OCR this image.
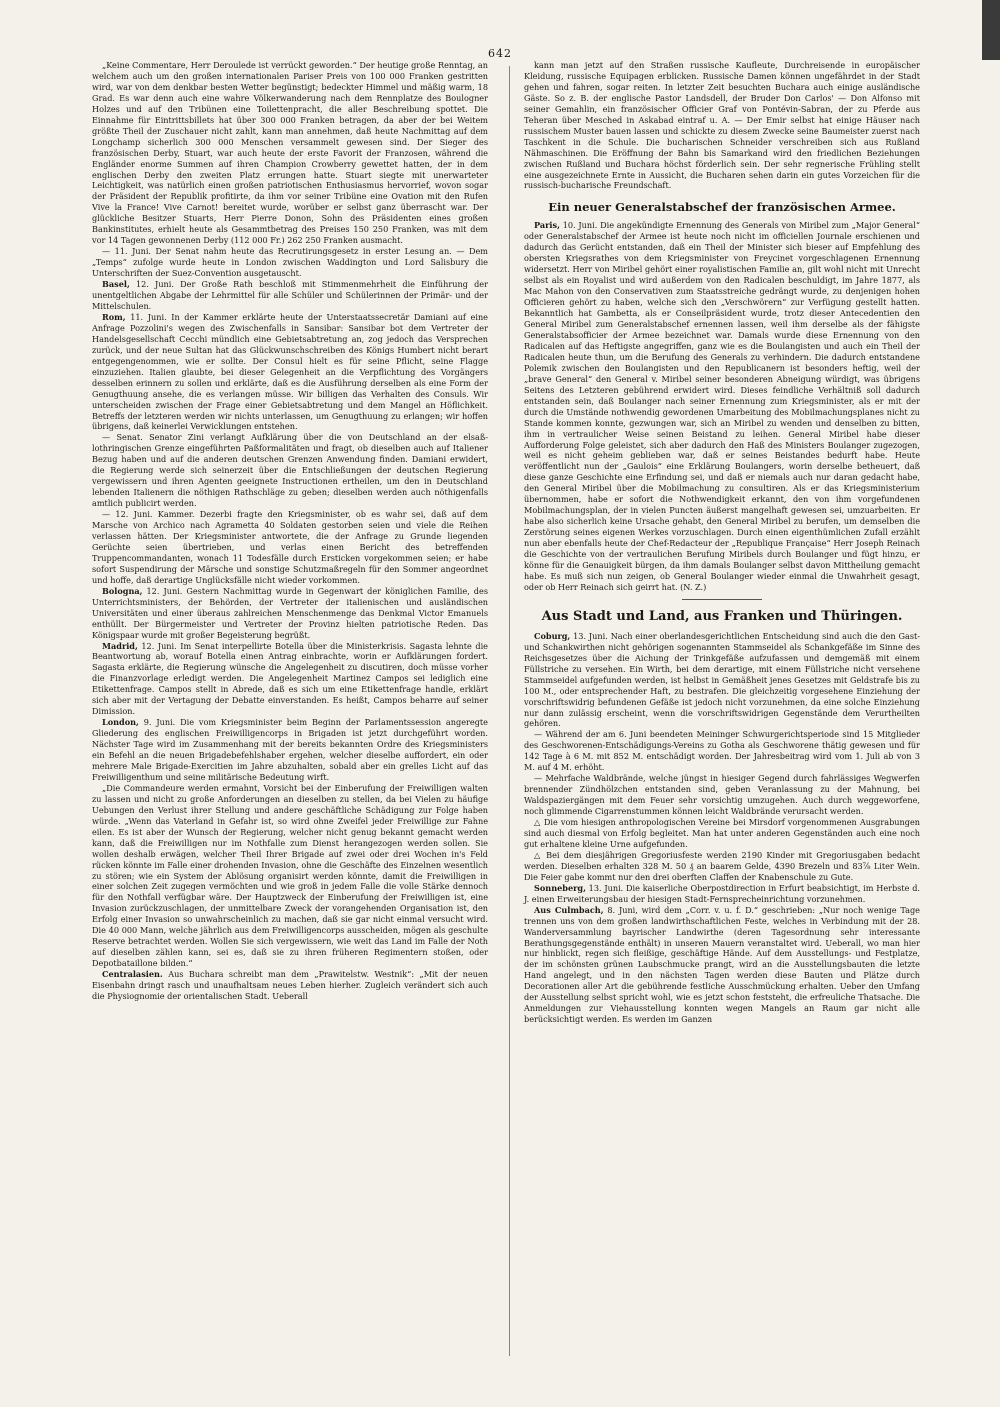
642

„Keine Commentare, Herr Deroulede ist verrückt geworden.“ Der heutige große Renntag, an welchem auch um den großen internationalen Pariser Preis von 100 000 Franken gestritten wird, war von dem denkbar besten Wetter begünstigt; bedeckter Himmel und mäßig warm, 18 Grad. Es war denn auch eine wahre Völkerwanderung nach dem Rennplatze des Boulogner Holzes und auf den Tribünen eine Toilettenpracht, die aller Beschreibung spottet. Die Einnahme für Eintrittsbillets hat über 300 000 Franken betragen, da aber der bei Weitem größte Theil der Zuschauer nicht zahlt, kann man annehmen, daß heute Nachmittag auf dem Longchamp sicherlich 300 000 Menschen versammelt gewesen sind. Der Sieger des französischen Derby, Stuart, war auch heute der erste Favorit der Franzosen, während die Engländer enorme Summen auf ihren Champion Crowberry gewettet hatten, der in dem englischen Derby den zweiten Platz errungen hatte. Stuart siegte mit unerwarteter Leichtigkeit, was natürlich einen großen patriotischen Enthusiasmus hervorrief, wovon sogar der Präsident der Republik profitirte, da ihm vor seiner Tribüne eine Ovation mit den Rufen Vive la France! Vive Carnot! bereitet wurde, worüber er selbst ganz überrascht war. Der glückliche Besitzer Stuarts, Herr Pierre Donon, Sohn des Präsidenten eines großen Bankinstitutes, erhielt heute als Gesammtbetrag des Preises 150 250 Franken, was mit dem vor 14 Tagen gewonnenen Derby (112 000 Fr.) 262 250 Franken ausmacht.

— 11. Juni. Der Senat nahm heute das Recrutirungsgesetz in erster Lesung an. — Dem „Temps“ zufolge wurde heute in London zwischen Waddington und Lord Salisbury die Unterschriften der Suez-Convention ausgetauscht.

Basel, 12. Juni. Der Große Rath beschloß mit Stimmenmehrheit die Einführung der unentgeltlichen Abgabe der Lehrmittel für alle Schüler und Schülerinnen der Primär- und der Mittelschulen.

Rom, 11. Juni. In der Kammer erklärte heute der Unterstaatssecretär Damiani auf eine Anfrage Pozzolini's wegen des Zwischenfalls in Sansibar: Sansibar bot dem Vertreter der Handelsgesellschaft Cecchi mündlich eine Gebietsabtretung an, zog jedoch das Versprechen zurück, und der neue Sultan hat das Glückwunschschreiben des Königs Humbert nicht berart entgegengenommen, wie er sollte. Der Consul hielt es für seine Pflicht, seine Flagge einzuziehen. Italien glaubte, bei dieser Gelegenheit an die Verpflichtung des Vorgängers desselben erinnern zu sollen und erklärte, daß es die Ausführung derselben als eine Form der Genugthuung ansehe, die es verlangen müsse. Wir billigen das Verhalten des Consuls. Wir unterscheiden zwischen der Frage einer Gebietsabtretung und dem Mangel an Höflichkeit. Betreffs der letzteren werden wir nichts unterlassen, um Genugthuung zu erlangen; wir hoffen übrigens, daß keinerlei Verwicklungen entstehen.

— Senat. Senator Zini verlangt Aufklärung über die von Deutschland an der elsaß-lothringischen Grenze eingeführten Paßformalitäten und fragt, ob dieselben auch auf Italiener Bezug haben und auf die anderen deutschen Grenzen Anwendung finden. Damiani erwidert, die Regierung werde sich seinerzeit über die Entschließungen der deutschen Regierung vergewissern und ihren Agenten geeignete Instructionen ertheilen, um den in Deutschland lebenden Italienern die nöthigen Rathschläge zu geben; dieselben werden auch nöthigenfalls amtlich publicirt werden.

— 12. Juni. Kammer. Dezerbi fragte den Kriegsminister, ob es wahr sei, daß auf dem Marsche von Archico nach Agrametta 40 Soldaten gestorben seien und viele die Reihen verlassen hätten. Der Kriegsminister antwortete, die der Anfrage zu Grunde liegenden Gerüchte seien übertrieben, und verlas einen Bericht des betreffenden Truppencommandanten, wonach 11 Todesfälle durch Ersticken vorgekommen seien; er habe sofort Suspendirung der Märsche und sonstige Schutzmaßregeln für den Sommer angeordnet und hoffe, daß derartige Unglücksfälle nicht wieder vorkommen.

Bologna, 12. Juni. Gestern Nachmittag wurde in Gegenwart der königlichen Familie, des Unterrichtsministers, der Behörden, der Vertreter der italienischen und ausländischen Universitäten und einer überaus zahlreichen Menschenmenge das Denkmal Victor Emanuels enthüllt. Der Bürgermeister und Vertreter der Provinz hielten patriotische Reden. Das Königspaar wurde mit großer Begeisterung begrüßt.

Madrid, 12. Juni. Im Senat interpellirte Botella über die Ministerkrisis. Sagasta lehnte die Beantwortung ab, worauf Botella einen Antrag einbrachte, worin er Aufklärungen fordert. Sagasta erklärte, die Regierung wünsche die Angelegenheit zu discutiren, doch müsse vorher die Finanzvorlage erledigt werden. Die Angelegenheit Martinez Campos sei lediglich eine Etikettenfrage. Campos stellt in Abrede, daß es sich um eine Etikettenfrage handle, erklärt sich aber mit der Vertagung der Debatte einverstanden. Es heißt, Campos beharre auf seiner Dimission.

London, 9. Juni. Die vom Kriegsminister beim Beginn der Parlamentssession angeregte Gliederung des englischen Freiwilligencorps in Brigaden ist jetzt durchgeführt worden. Nächster Tage wird im Zusammenhang mit der bereits bekannten Ordre des Kriegsministers ein Befehl an die neuen Brigadebefehlshaber ergehen, welcher dieselbe auffordert, ein oder mehrere Male Brigade-Exercitien im Jahre abzuhalten, sobald aber ein grelles Licht auf das Freiwilligenthum und seine militärische Bedeutung wirft.

„Die Commandeure werden ermahnt, Vorsicht bei der Einberufung der Freiwilligen walten zu lassen und nicht zu große Anforderungen an dieselben zu stellen, da bei Vielen zu häufige Uebungen den Verlust ihrer Stellung und andere geschäftliche Schädigung zur Folge haben würde. „Wenn das Vaterland in Gefahr ist, so wird ohne Zweifel jeder Freiwillige zur Fahne eilen. Es ist aber der Wunsch der Regierung, welcher nicht genug bekannt gemacht werden kann, daß die Freiwilligen nur im Nothfalle zum Dienst herangezogen werden sollen. Sie wollen deshalb erwägen, welcher Theil Ihrer Brigade auf zwei oder drei Wochen in's Feld rücken könnte im Falle einer drohenden Invasion, ohne die Geschäfte des Einzelnen wesentlich zu stören; wie ein System der Ablösung organisirt werden könnte, damit die Freiwilligen in einer solchen Zeit zugegen vermöchten und wie groß in jedem Falle die volle Stärke dennoch für den Nothfall verfügbar wäre. Der Hauptzweck der Einberufung der Freiwilligen ist, eine Invasion zurückzuschlagen, der unmittelbare Zweck der vorangehenden Organisation ist, den Erfolg einer Invasion so unwahrscheinlich zu machen, daß sie gar nicht einmal versucht wird. Die 40 000 Mann, welche jährlich aus dem Freiwilligencorps ausscheiden, mögen als geschulte Reserve betrachtet werden. Wollen Sie sich vergewissern, wie weit das Land im Falle der Noth auf dieselben zählen kann, sei es, daß sie zu ihren früheren Regimentern stoßen, oder Depotbataillone bilden.“

Centralasien. Aus Buchara schreibt man dem „Prawitelstw. Westnik“: „Mit der neuen Eisenbahn dringt rasch und unaufhaltsam neues Leben hierher. Zugleich verändert sich auch die Physiognomie der orientalischen Stadt. Ueberall

kann man jetzt auf den Straßen russische Kaufleute, Durchreisende in europäischer Kleidung, russische Equipagen erblicken. Russische Damen können ungefährdet in der Stadt gehen und fahren, sogar reiten. In letzter Zeit besuchten Buchara auch einige ausländische Gäste. So z. B. der englische Pastor Landsdell, der Bruder Don Carlos' — Don Alfonso mit seiner Gemahlin, ein französischer Officier Graf von Pontévin-Sabran, der zu Pferde aus Teheran über Mesched in Askabad eintraf u. A. — Der Emir selbst hat einige Häuser nach russischem Muster bauen lassen und schickte zu diesem Zwecke seine Baumeister zuerst nach Taschkent in die Schule. Die bucharischen Schneider verschreiben sich aus Rußland Nähmaschinen. Die Eröffnung der Bahn bis Samarkand wird den friedlichen Beziehungen zwischen Rußland und Buchara höchst förderlich sein. Der sehr regnerische Frühling stellt eine ausgezeichnete Ernte in Aussicht, die Bucharen sehen darin ein gutes Vorzeichen für die russisch-bucharische Freundschaft.

Ein neuer Generalstabschef der französischen Armee.

Paris, 10. Juni. Die angekündigte Ernennung des Generals von Miribel zum „Major General“ oder Generalstabschef der Armee ist heute noch nicht im officiellen Journale erschienen und dadurch das Gerücht entstanden, daß ein Theil der Minister sich bieser auf Empfehlung des obersten Kriegsrathes von dem Kriegsminister von Freycinet vorgeschlagenen Ernennung widersetzt. Herr von Miribel gehört einer royalistischen Familie an, gilt wohl nicht mit Unrecht selbst als ein Royalist und wird außerdem von den Radicalen beschuldigt, im Jahre 1877, als Mac Mahon von den Conservativen zum Staatsstreiche gedrängt wurde, zu denjenigen hohen Officieren gehört zu haben, welche sich den „Verschwörern“ zur Verfügung gestellt hatten. Bekanntlich hat Gambetta, als er Conseilpräsident wurde, trotz dieser Antecedentien den General Miribel zum Generalstabschef ernennen lassen, weil ihm derselbe als der fähigste Generalstabsofficier der Armee bezeichnet war. Damals wurde diese Ernennung von den Radicalen auf das Heftigste angegriffen, ganz wie es die Boulangisten und auch ein Theil der Radicalen heute thun, um die Berufung des Generals zu verhindern. Die dadurch entstandene Polemik zwischen den Boulangisten und den Republicanern ist besonders heftig, weil der „brave General“ den General v. Miribel seiner besonderen Abneigung würdigt, was übrigens Seitens des Letzteren gebührend erwidert wird. Dieses feindliche Verhältniß soll dadurch entstanden sein, daß Boulanger nach seiner Ernennung zum Kriegsminister, als er mit der durch die Umstände nothwendig gewordenen Umarbeitung des Mobilmachungsplanes nicht zu Stande kommen konnte, gezwungen war, sich an Miribel zu wenden und denselben zu bitten, ihm in vertraulicher Weise seinen Beistand zu leihen. General Miribel habe dieser Aufforderung Folge geleistet, sich aber dadurch den Haß des Ministers Boulanger zugezogen, weil es nicht geheim geblieben war, daß er seines Beistandes bedurft habe. Heute veröffentlicht nun der „Gaulois“ eine Erklärung Boulangers, worin derselbe betheuert, daß diese ganze Geschichte eine Erfindung sei, und daß er niemals auch nur daran gedacht habe, den General Miribel über die Mobilmachung zu consultiren. Als er das Kriegsministerium übernommen, habe er sofort die Nothwendigkeit erkannt, den von ihm vorgefundenen Mobilmachungsplan, der in vielen Puncten äußerst mangelhaft gewesen sei, umzuarbeiten. Er habe also sicherlich keine Ursache gehabt, den General Miribel zu berufen, um demselben die Zerstörung seines eigenen Werkes vorzuschlagen. Durch einen eigenthümlichen Zufall erzählt nun aber ebenfalls heute der Chef-Redacteur der „Republique Française“ Herr Joseph Reinach die Geschichte von der vertraulichen Berufung Miribels durch Boulanger und fügt hinzu, er könne für die Genauigkeit bürgen, da ihm damals Boulanger selbst davon Mittheilung gemacht habe. Es muß sich nun zeigen, ob General Boulanger wieder einmal die Unwahrheit gesagt, oder ob Herr Reinach sich geirrt hat. (N. Z.)

Aus Stadt und Land, aus Franken und Thüringen.

Coburg, 13. Juni. Nach einer oberlandesgerichtlichen Entscheidung sind auch die den Gast- und Schankwirthen nicht gehörigen sogenannten Stammseidel als Schankgefäße im Sinne des Reichsgesetzes über die Aichung der Trinkgefäße aufzufassen und demgemäß mit einem Füllstriche zu versehen. Ein Wirth, bei dem derartige, mit einem Füllstriche nicht versehene Stammseidel aufgefunden werden, ist helbst in Gemäßheit jenes Gesetzes mit Geldstrafe bis zu 100 M., oder entsprechender Haft, zu bestrafen. Die gleichzeitig vorgesehene Einziehung der vorschriftswidrig befundenen Gefäße ist jedoch nicht vorzunehmen, da eine solche Einziehung nur dann zulässig erscheint, wenn die vorschriftswidrigen Gegenstände dem Verurtheilten gehören.

— Während der am 6. Juni beendeten Meininger Schwurgerichtsperiode sind 15 Mitglieder des Geschworenen-Entschädigungs-Vereins zu Gotha als Geschworene thätig gewesen und für 142 Tage à 6 M. mit 852 M. entschädigt worden. Der Jahresbeitrag wird vom 1. Juli ab von 3 M. auf 4 M. erhöht.

— Mehrfache Waldbrände, welche jüngst in hiesiger Gegend durch fahrlässiges Wegwerfen brennender Zündhölzchen entstanden sind, geben Veranlassung zu der Mahnung, bei Waldspaziergängen mit dem Feuer sehr vorsichtig umzugehen. Auch durch weggeworfene, noch glimmende Cigarrenstummen können leicht Waldbrände verursacht werden.

△ Die vom hiesigen anthropologischen Vereine bei Mirsdorf vorgenommenen Ausgrabungen sind auch diesmal von Erfolg begleitet. Man hat unter anderen Gegenständen auch eine noch gut erhaltene kleine Urne aufgefunden.

△ Bei dem diesjährigen Gregoriusfeste werden 2190 Kinder mit Gregoriusgaben bedacht werden. Dieselben erhalten 328 M. 50 ₰ an baarem Gelde, 4390 Brezeln und 83⅞ Liter Wein. Die Feier gabe kommt nur den drei oberften Claffen der Knabenschule zu Gute.

Sonneberg, 13. Juni. Die kaiserliche Oberpostdirection in Erfurt beabsichtigt, im Herbste d. J. einen Erweiterungsbau der hiesigen Stadt-Fernsprecheinrichtung vorzunehmen.

Aus Culmbach, 8. Juni, wird dem „Corr. v. u. f. D.“ geschrieben: „Nur noch wenige Tage trennen uns von dem großen landwirthschaftlichen Feste, welches in Verbindung mit der 28. Wanderversammlung bayrischer Landwirthe (deren Tagesordnung sehr interessante Berathungsgegenstände enthält) in unseren Mauern veranstaltet wird. Ueberall, wo man hier nur hinblickt, regen sich fleißige, geschäftige Hände. Auf dem Ausstellungs- und Festplatze, der im schönsten grünen Laubschmucke prangt, wird an die Ausstellungsbauten die letzte Hand angelegt, und in den nächsten Tagen werden diese Bauten und Plätze durch Decorationen aller Art die gebührende festliche Ausschmückung erhalten. Ueber den Umfang der Ausstellung selbst spricht wohl, wie es jetzt schon feststeht, die erfreuliche Thatsache. Die Anmeldungen zur Viehausstellung konnten wegen Mangels an Raum gar nicht alle berücksichtigt werden. Es werden im Ganzen
